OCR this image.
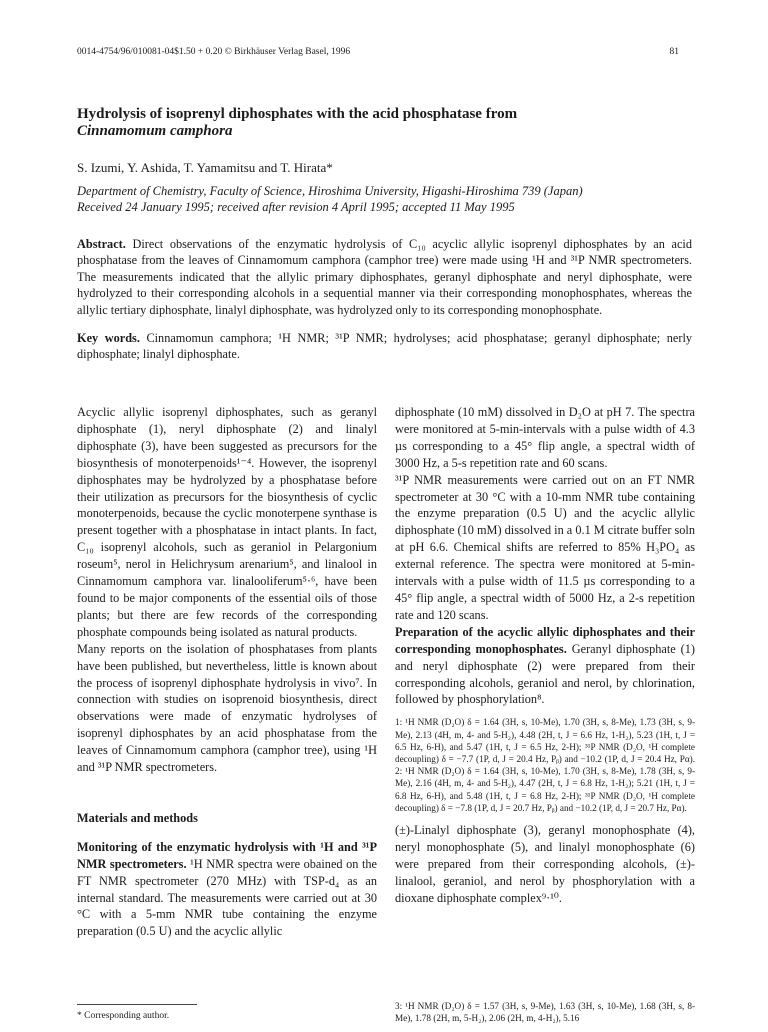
0014-4754/96/010081-04$1.50 + 0.20 © Birkhäuser Verlag Basel, 1996	81
Hydrolysis of isoprenyl diphosphates with the acid phosphatase from
Cinnamomum camphora
S. Izumi, Y. Ashida, T. Yamamitsu and T. Hirata*
Department of Chemistry, Faculty of Science, Hiroshima University, Higashi-Hiroshima 739 (Japan)
Received 24 January 1995; received after revision 4 April 1995; accepted 11 May 1995
Abstract. Direct observations of the enzymatic hydrolysis of C₁₀ acyclic allylic isoprenyl diphosphates by an acid phosphatase from the leaves of Cinnamomum camphora (camphor tree) were made using ¹H and ³¹P NMR spectrometers. The measurements indicated that the allylic primary diphosphates, geranyl diphosphate and neryl diphosphate, were hydrolyzed to their corresponding alcohols in a sequential manner via their corresponding monophosphates, whereas the allylic tertiary diphosphate, linalyl diphosphate, was hydrolyzed only to its corresponding monophosphate.
Key words. Cinnamomun camphora; ¹H NMR; ³¹P NMR; hydrolyses; acid phosphatase; geranyl diphosphate; nerly diphosphate; linalyl diphosphate.

Acyclic allylic isoprenyl diphosphates, such as geranyl diphosphate (1), neryl diphosphate (2) and linalyl diphosphate (3), have been suggested as precursors for the biosynthesis of monoterpenoids¹⁻⁴. However, the isoprenyl diphosphates may be hydrolyzed by a phosphatase before their utilization as precursors for the biosynthesis of cyclic monoterpenoids, because the cyclic monoterpene synthase is present together with a phosphatase in intact plants. In fact, C₁₀ isoprenyl alcohols, such as geraniol in Pelargonium roseum⁵, nerol in Helichrysum arenarium⁵, and linalool in Cinnamomum camphora var. linalooliferum⁵·⁶, have been found to be major components of the essential oils of those plants; but there are few records of the corresponding phosphate compounds being isolated as natural products.

Many reports on the isolation of phosphatases from plants have been published, but nevertheless, little is known about the process of isoprenyl diphosphate hydrolysis in vivo⁷. In connection with studies on isoprenoid biosynthesis, direct observations were made of enzymatic hydrolyses of isoprenyl diphosphates by an acid phosphatase from the leaves of Cinnamomum camphora (camphor tree), using ¹H and ³¹P NMR spectrometers.

Materials and methods

Monitoring of the enzymatic hydrolysis with ¹H and ³¹P NMR spectrometers. ¹H NMR spectra were obained on the FT NMR spectrometer (270 MHz) with TSP-d₄ as an internal standard. The measurements were carried out at 30 °C with a 5-mm NMR tube containing the enzyme preparation (0.5 U) and the acyclic allylic

diphosphate (10 mM) dissolved in D₂O at pH 7. The spectra were monitored at 5-min-intervals with a pulse width of 4.3 µs corresponding to a 45° flip angle, a spectral width of 3000 Hz, a 5-s repetition rate and 60 scans.

³¹P NMR measurements were carried out on an FT NMR spectrometer at 30 °C with a 10-mm NMR tube containing the enzyme preparation (0.5 U) and the acyclic allylic diphosphate (10 mM) dissolved in a 0.1 M citrate buffer soln at pH 6.6. Chemical shifts are referred to 85% H₃PO₄ as external reference. The spectra were monitored at 5-min-intervals with a pulse width of 11.5 µs corresponding to a 45° flip angle, a spectral width of 5000 Hz, a 2-s repetition rate and 120 scans.

Preparation of the acyclic allylic diphosphates and their corresponding monophosphates. Geranyl diphosphate (1) and neryl diphosphate (2) were prepared from their corresponding alcohols, geraniol and nerol, by chlorination, followed by phosphorylation⁸.

1: ¹H NMR (D₂O) δ = 1.64 (3H, s, 10-Me), 1.70 (3H, s, 8-Me), 1.73 (3H, s, 9-Me), 2.13 (4H, m, 4- and 5-H₂), 4.48 (2H, t, J = 6.6 Hz, 1-H₂), 5.23 (1H, t, J = 6.5 Hz, 6-H), and 5.47 (1H, t, J = 6.5 Hz, 2-H); ³¹P NMR (D₂O, ¹H complete decoupling) δ = −7.7 (1P, d, J = 20.4 Hz, Pᵦ) and −10.2 (1P, d, J = 20.4 Hz, Pα). 2: ¹H NMR (D₂O) δ = 1.64 (3H, s, 10-Me), 1.70 (3H, s, 8-Me), 1.78 (3H, s, 9-Me), 2.16 (4H, m, 4- and 5-H₂), 4.47 (2H, t, J = 6.8 Hz, 1-H₂); 5.21 (1H, t, J = 6.8 Hz, 6-H), and 5.48 (1H, t, J = 6.8 Hz, 2-H); ³¹P NMR (D₂O, ¹H complete decoupling) δ = −7.8 (1P, d, J = 20.7 Hz, Pᵦ) and −10.2 (1P, d, J = 20.7 Hz, Pα).

(±)-Linalyl diphosphate (3), geranyl monophosphate (4), neryl monophosphate (5), and linalyl monophosphate (6) were prepared from their corresponding alcohols, (±)-linalool, geraniol, and nerol by phosphorylation with a dioxane diphosphate complex⁹·¹⁰.

3: ¹H NMR (D₂O) δ = 1.57 (3H, s, 9-Me), 1.63 (3H, s, 10-Me), 1.68 (3H, s, 8-Me), 1.78 (2H, m, 5-H₂), 2.06 (2H, m, 4-H₂), 5.16
* Corresponding author.
